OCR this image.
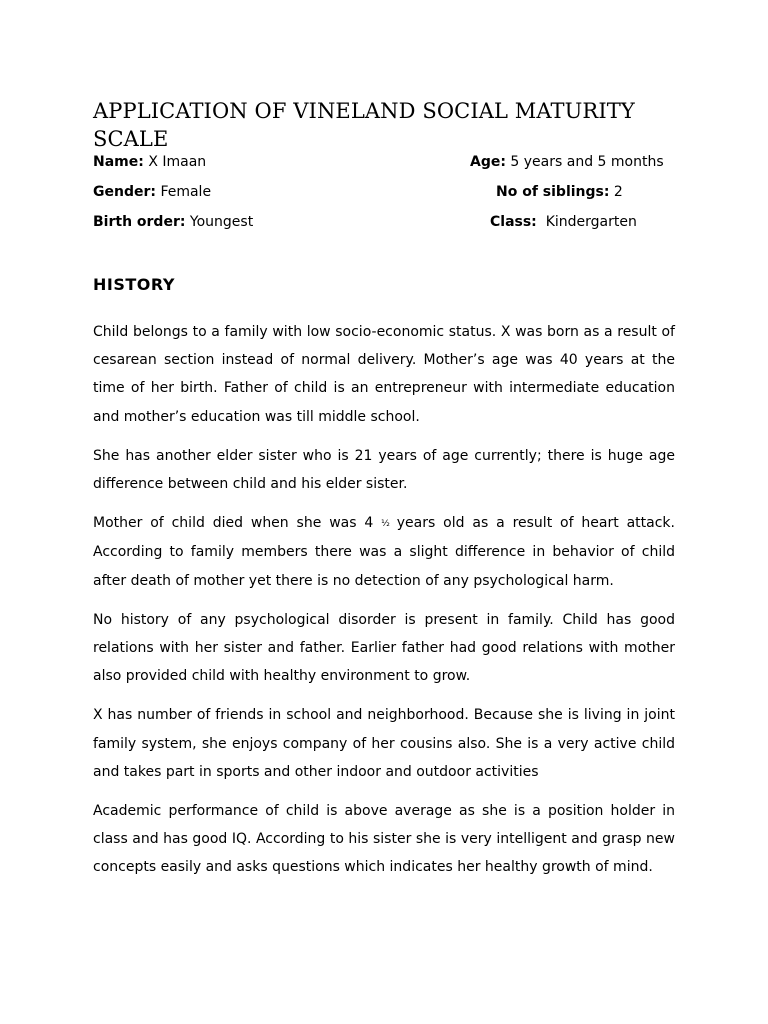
APPLICATION OF VINELAND SOCIAL MATURITY SCALE
Name: X Imaan	Age: 5 years and 5 months
Gender: Female	No of siblings: 2
Birth order: Youngest	Class: Kindergarten
HISTORY

Child belongs to a family with low socio-economic status. X was born as a result of cesarean section instead of normal delivery. Mother’s age was 40 years at the time of her birth. Father of child is an entrepreneur with intermediate education and mother’s education was till middle school.

She has another elder sister who is 21 years of age currently; there is huge age difference between child and his elder sister.

Mother of child died when she was 4 ½ years old as a result of heart attack. According to family members there was a slight difference in behavior of child after death of mother yet there is no detection of any psychological harm.

No history of any psychological disorder is present in family. Child has good relations with her sister and father. Earlier father had good relations with mother also provided child with healthy environment to grow.

X has number of friends in school and neighborhood. Because she is living in joint family system, she enjoys company of her cousins also. She is a very active child and takes part in sports and other indoor and outdoor activities

Academic performance of child is above average as she is a position holder in class and has good IQ. According to his sister she is very intelligent and grasp new concepts easily and asks questions which indicates her healthy growth of mind.
